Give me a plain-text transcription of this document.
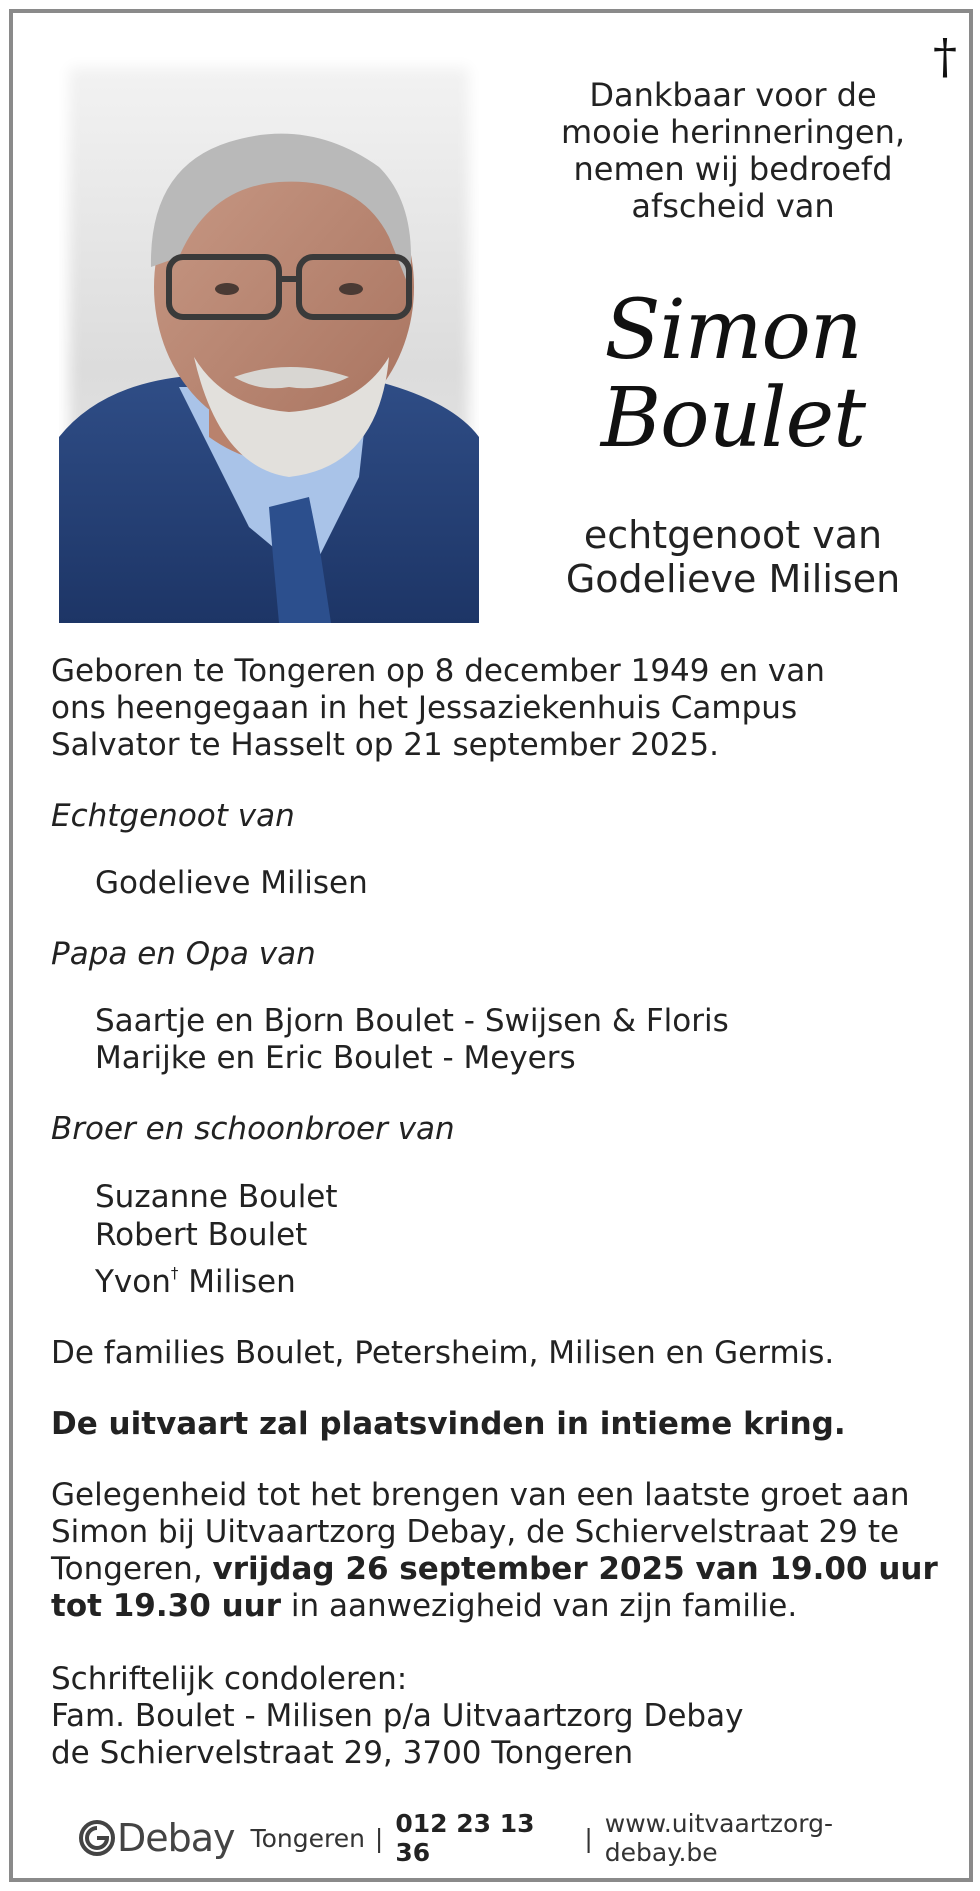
†
Dankbaar voor de
mooie herinneringen,
nemen wij bedroefd
afscheid van
Simon
Boulet
echtgenoot van
Godelieve Milisen

Geboren te Tongeren op 8 december 1949 en van

ons heengegaan in het Jessaziekenhuis Campus

Salvator te Hasselt op 21 september 2025.

Echtgenoot van
Godelieve Milisen
Papa en Opa van
Saartje en Bjorn Boulet - Swijsen & Floris
Marijke en Eric Boulet - Meyers
Broer en schoonbroer van
Suzanne Boulet
Robert Boulet
Yvon† Milisen
De families Boulet, Petersheim, Milisen en Germis.
De uitvaart zal plaatsvinden in intieme kring.
Gelegenheid tot het brengen van een laatste groet aan
Simon bij Uitvaartzorg Debay, de Schiervelstraat 29 te
Tongeren, vrijdag 26 september 2025 van 19.00 uur
tot 19.30 uur in aanwezigheid van zijn familie.
Schriftelijk condoleren:
Fam. Boulet - Milisen p/a Uitvaartzorg Debay
de Schiervelstraat 29, 3700 Tongeren
Debay Tongeren | 012 23 13 36	| www.uitvaartzorg-debay.be
